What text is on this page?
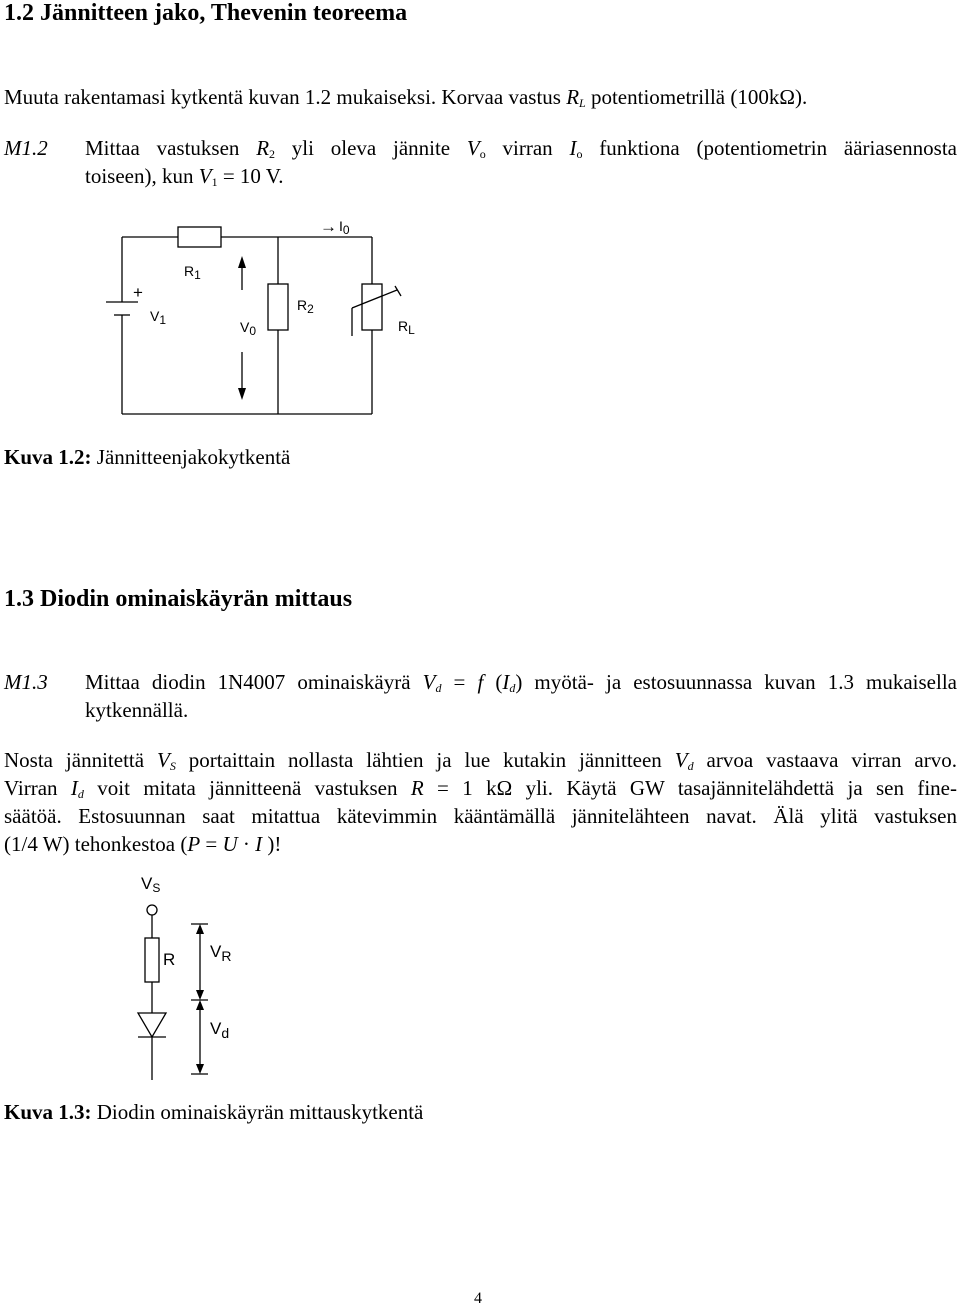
1.2 Jännitteen jako, Thevenin teoreema
Muuta rakentamasi kytkentä kuvan 1.2 mukaiseksi. Korvaa vastus $R_L$ potentiometrillä (100kΩ).
M1.2 Mittaa vastuksen $R_2$ yli oleva jännite $V_o$ virran $I_o$ funktiona (potentiometrin ääriasennosta
toiseen), kun $V_1 = 10$ V.
→ I0
R1
+
V1	V0
R2
RL
Kuva 1.2: Jännitteenjakokytkentä
1.3 Diodin ominaiskäyrän mittaus
M1.3 Mittaa diodin 1N4007 ominaiskäyrä $V_d = f$ $(I_d)$ myötä- ja estosuunnassa kuvan 1.3 mukaisella
kytkennällä.
Nosta jännitettä $V_S$ portaittain nollasta lähtien ja lue kutakin jännitteen $V_d$ arvoa vastaava virran arvo.
Virran $I_d$ voit mitata jännitteenä vastuksen R = 1 kΩ yli. Käytä GW tasajännitelähdettä ja sen fine-
säätöä. Estosuunnan saat mitattua kätevimmin kääntämällä jännitelähteen navat. Älä ylitä vastuksen
(1/4 W) tehonkestoa (P = U · I )!
$V_S$
R $V_R$
$V_d$
Kuva 1.3: Diodin ominaiskäyrän mittauskytkentä
4
